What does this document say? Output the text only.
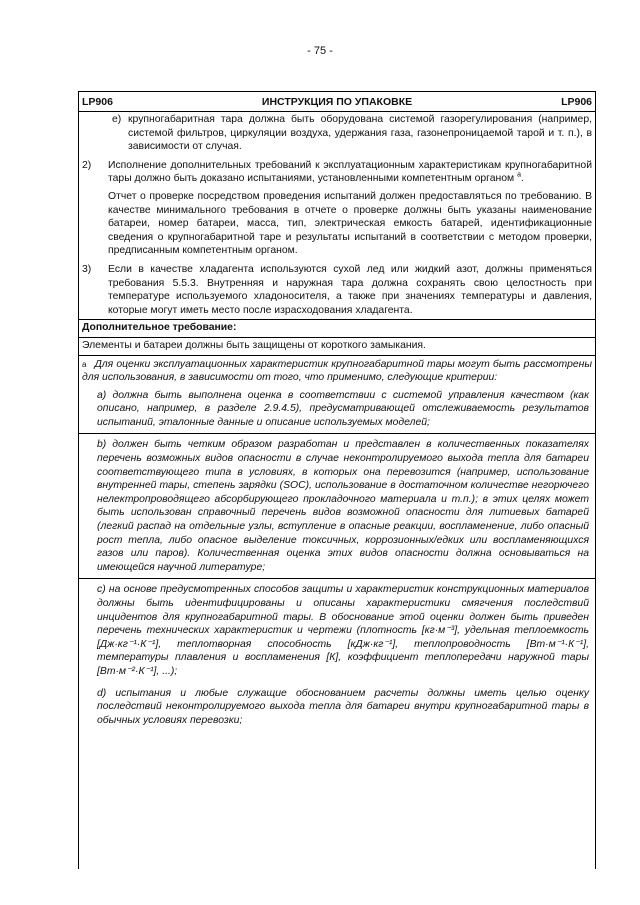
- 75 -
LP906	ИНСТРУКЦИЯ ПО УПАКОВКЕ	LP906
e) крупногабаритная тара должна быть оборудована системой газорегулирования (например, системой фильтров, циркуляции воздуха, удержания газа, газонепроницаемой тарой и т. п.), в зависимости от случая.
2)	Исполнение дополнительных требований к эксплуатационным характеристикам крупногабаритной тары должно быть доказано испытаниями, установленными компетентным органом $^a$.
Отчет о проверке посредством проведения испытаний должен предоставляться по требованию. В качестве минимального требования в отчете о проверке должны быть указаны наименование батареи, номер батареи, масса, тип, электрическая емкость батарей, идентификационные сведения о крупногабаритной таре и результаты испытаний в соответствии с методом проверки, предписанным компетентным органом.
3)	Если в качестве хладагента используются сухой лед или жидкий азот, должны применяться требования 5.5.3. Внутренняя и наружная тара должна сохранять свою целостность при температуре используемого хладоносителя, а также при значениях температуры и давления, которые могут иметь место после израсходования хладагента.
Дополнительное требование:
Элементы и батареи должны быть защищены от короткого замыкания.
$^a$ Для оценки эксплуатационных характеристик крупногабаритной тары могут быть рассмотрены для использования, в зависимости от того, что применимо, следующие критерии:
a) должна быть выполнена оценка в соответствии с системой управления качеством (как описано, например, в разделе 2.9.4.5), предусматривающей отслеживаемость результатов испытаний, эталонные данные и описание используемых моделей;
b) должен быть четким образом разработан и представлен в количественных показателях перечень возможных видов опасности в случае неконтролируемого выхода тепла для батареи соответствующего типа в условиях, в которых она перевозится (например, использование внутренней тары, степень зарядки (SOC), использование в достаточном количестве негорючего нелектропроводящего абсорбирующего прокладочного материала и т.п.); в этих целях может быть использован справочный перечень видов возможной опасности для литиевых батарей (легкий распад на отдельные узлы, вступление в опасные реакции, воспламенение, либо опасный рост тепла, либо опасное выделение токсичных, коррозионных/едких или воспламеняющихся газов или паров). Количественная оценка этих видов опасности должна основываться на имеющейся научной литературе;
c) на основе предусмотренных способов защиты и характеристик конструкционных материалов должны быть идентифицированы и описаны характеристики смягчения последствий инцидентов для крупногабаритной тары. В обоснование этой оценки должен быть приведен перечень технических характеристик и чертежи (плотность [кг·м⁻³], удельная теплоемкость [Дж·кг⁻¹·К⁻¹], теплотворная способность [кДж·кг⁻¹], теплопроводность [Вт·м⁻¹·К⁻¹], температуры плавления и воспламенения [К], коэффициент теплопередачи наружной тары [Вт·м⁻²·К⁻¹], ...);
d) испытания и любые служащие обоснованием расчеты должны иметь целью оценку последствий неконтролируемого выхода тепла для батареи внутри крупногабаритной тары в обычных условиях перевозки;
